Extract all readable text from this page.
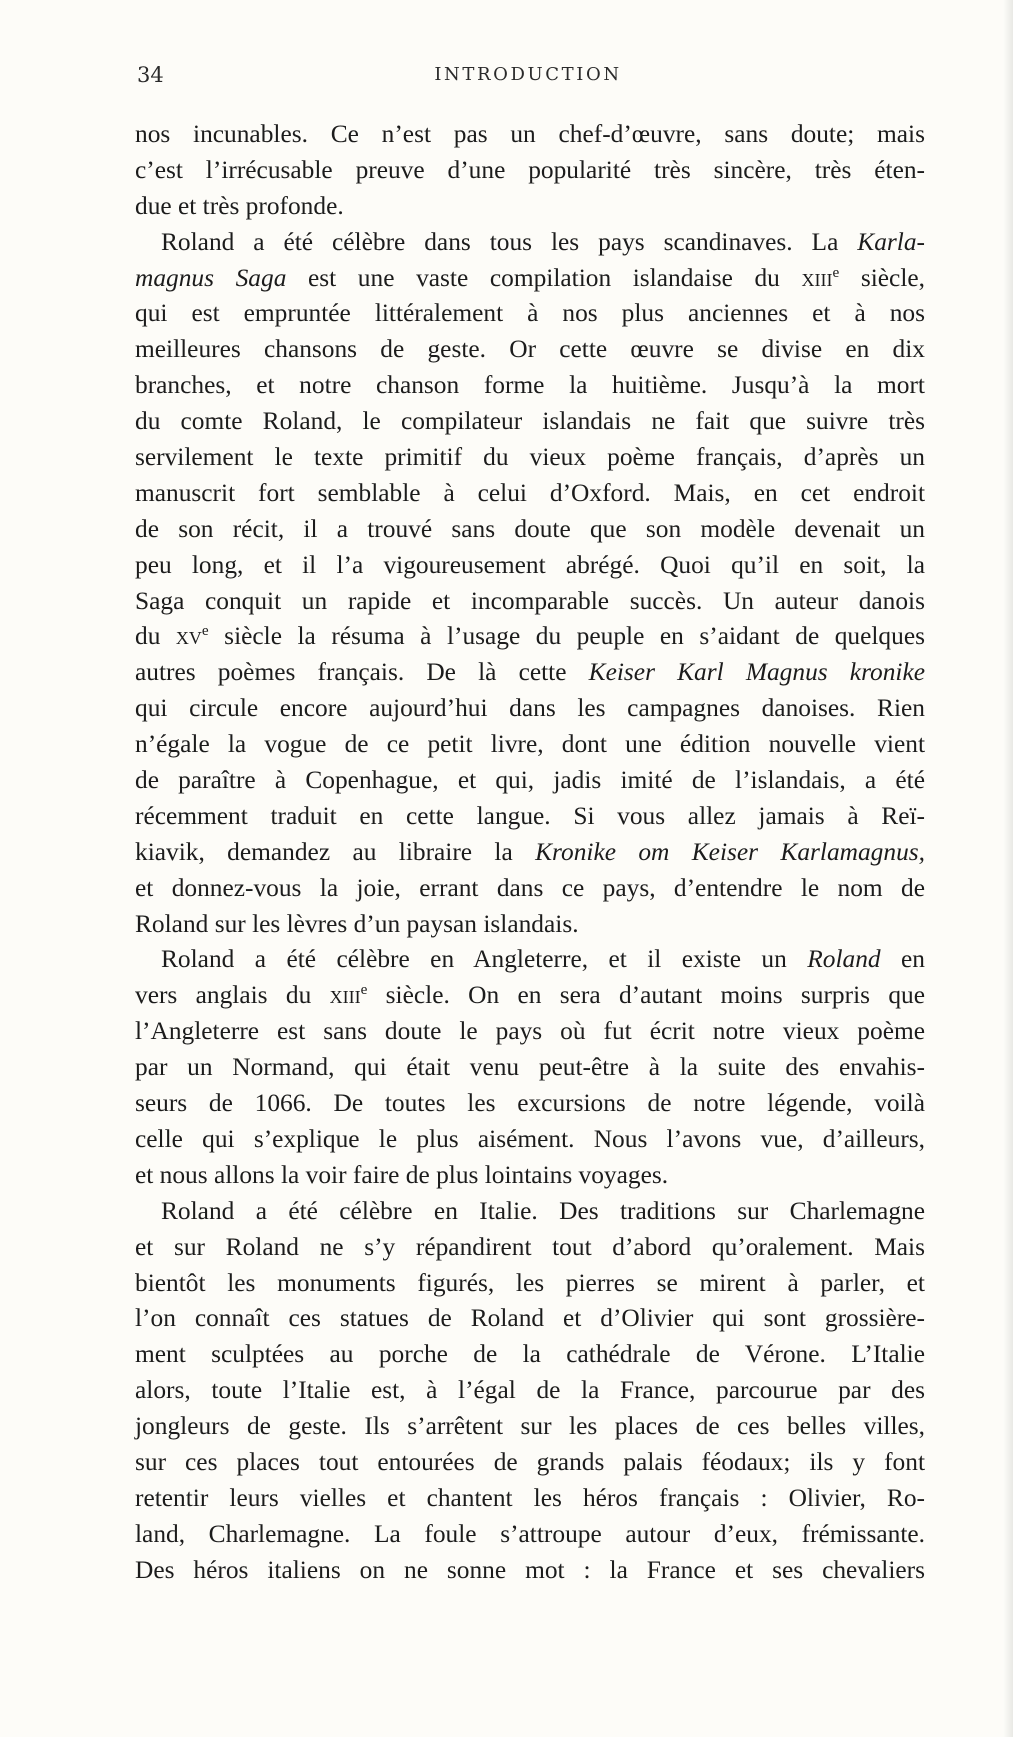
34	INTRODUCTION
nos incunables. Ce n’est pas un chef-d’œuvre, sans doute; mais
c’est l’irrécusable preuve d’une popularité très sincère, très éten-
due et très profonde.
Roland a été célèbre dans tous les pays scandinaves. La Karla-
magnus Saga est une vaste compilation islandaise du xiii$^e$ siècle,
qui est empruntée littéralement à nos plus anciennes et à nos
meilleures chansons de geste. Or cette œuvre se divise en dix
branches, et notre chanson forme la huitième. Jusqu’à la mort
du comte Roland, le compilateur islandais ne fait que suivre très
servilement le texte primitif du vieux poème français, d’après un
manuscrit fort semblable à celui d’Oxford. Mais, en cet endroit
de son récit, il a trouvé sans doute que son modèle devenait un
peu long, et il l’a vigoureusement abrégé. Quoi qu’il en soit, la
Saga conquit un rapide et incomparable succès. Un auteur danois
du $xv^e$ siècle la résuma à l’usage du peuple en s’aidant de quelques
autres poèmes français. De là cette Keiser Karl Magnus kronike
qui circule encore aujourd’hui dans les campagnes danoises. Rien
n’égale la vogue de ce petit livre, dont une édition nouvelle vient
de paraître à Copenhague, et qui, jadis imité de l’islandais, a été
récemment traduit en cette langue. Si vous allez jamais à Reï-
kiavik, demandez au libraire la Kronike om Keiser Karlamagnus,
et donnez-vous la joie, errant dans ce pays, d’entendre le nom de
Roland sur les lèvres d’un paysan islandais.
Roland a été célèbre en Angleterre, et il existe un Roland en
vers anglais du xiii$^e$ siècle. On en sera d’autant moins surpris que
l’Angleterre est sans doute le pays où fut écrit notre vieux poème
par un Normand, qui était venu peut-être à la suite des envahis-
seurs de 1066. De toutes les excursions de notre légende, voilà
celle qui s’explique le plus aisément. Nous l’avons vue, d’ailleurs,
et nous allons la voir faire de plus lointains voyages.
Roland a été célèbre en Italie. Des traditions sur Charlemagne
et sur Roland ne s’y répandirent tout d’abord qu’oralement. Mais
bientôt les monuments figurés, les pierres se mirent à parler, et
l’on connaît ces statues de Roland et d’Olivier qui sont grossière-
ment sculptées au porche de la cathédrale de Vérone. L’Italie
alors, toute l’Italie est, à l’égal de la France, parcourue par des
jongleurs de geste. Ils s’arrêtent sur les places de ces belles villes,
sur ces places tout entourées de grands palais féodaux; ils y font
retentir leurs vielles et chantent les héros français : Olivier, Ro-
land, Charlemagne. La foule s’attroupe autour d’eux, frémissante.
Des héros italiens on ne sonne mot : la France et ses chevaliers
